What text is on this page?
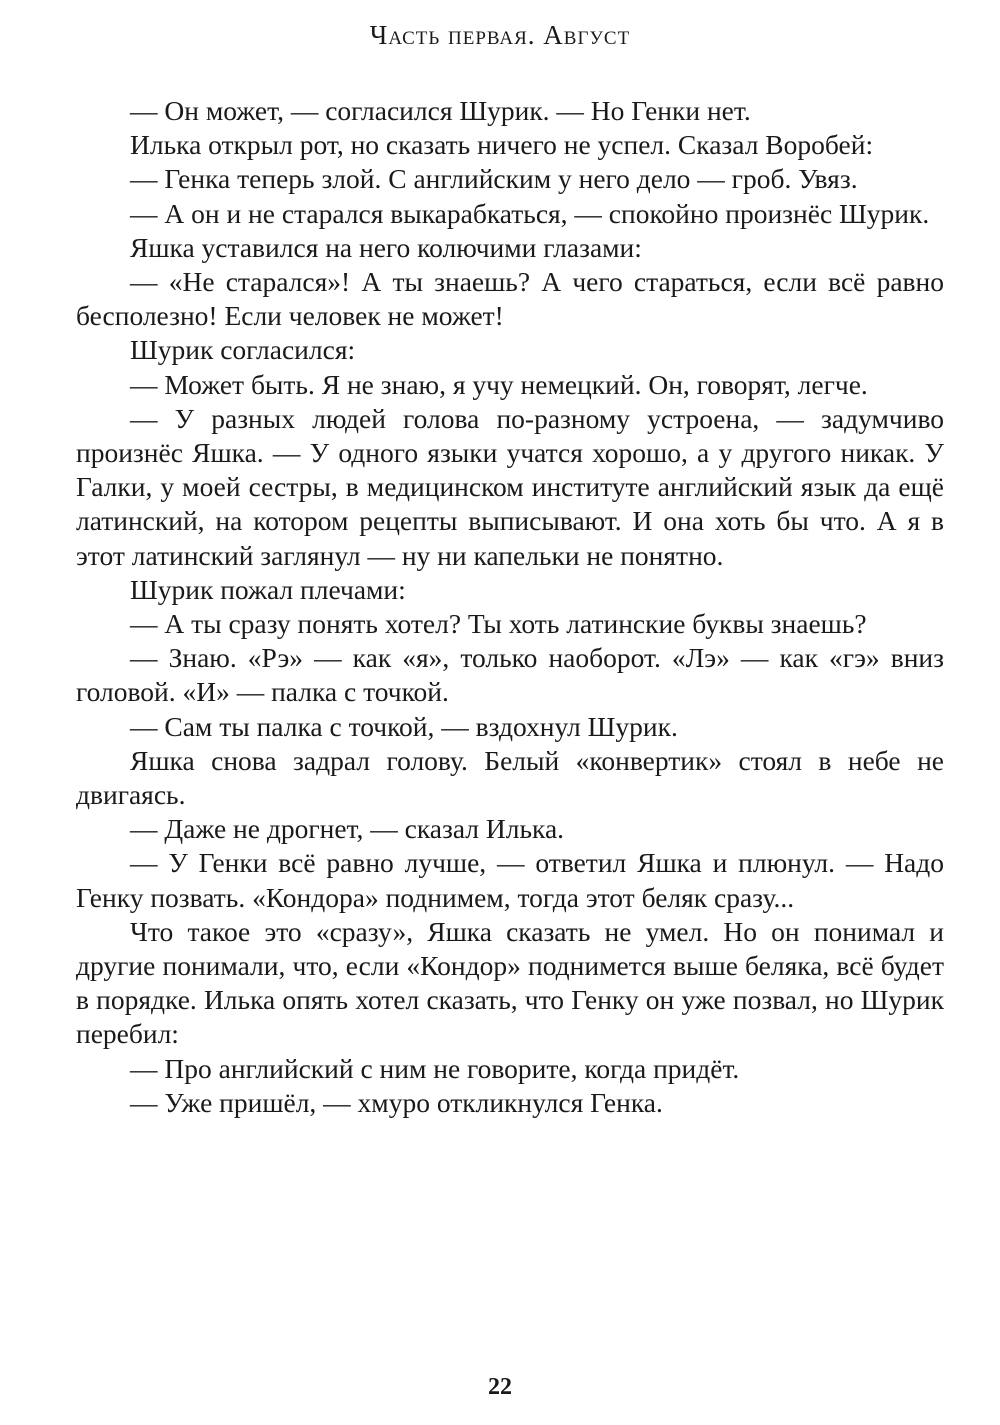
Часть первая. Август

— Он может, — согласился Шурик. — Но Генки нет.

Илька открыл рот, но сказать ничего не успел. Сказал Воробей:

— Генка теперь злой. С английским у него дело — гроб. Увяз.

— А он и не старался выкарабкаться, — спокойно произнёс Шурик.

Яшка уставился на него колючими глазами:

— «Не старался»! А ты знаешь? А чего стараться, если всё равно бесполезно! Если человек не может!

Шурик согласился:

— Может быть. Я не знаю, я учу немецкий. Он, говорят, легче.

— У разных людей голова по-разному устроена, — задумчиво произнёс Яшка. — У одного языки учатся хорошо, а у другого никак. У Галки, у моей сестры, в медицинском институте английский язык да ещё латинский, на котором рецепты выписывают. И она хоть бы что. А я в этот латинский заглянул — ну ни капельки не понятно.

Шурик пожал плечами:

— А ты сразу понять хотел? Ты хоть латинские буквы знаешь?

— Знаю. «Рэ» — как «я», только наоборот. «Лэ» — как «гэ» вниз головой. «И» — палка с точкой.

— Сам ты палка с точкой, — вздохнул Шурик.

Яшка снова задрал голову. Белый «конвертик» стоял в небе не двигаясь.

— Даже не дрогнет, — сказал Илька.

— У Генки всё равно лучше, — ответил Яшка и плюнул. — Надо Генку позвать. «Кондора» поднимем, тогда этот беляк сразу...

Что такое это «сразу», Яшка сказать не умел. Но он понимал и другие понимали, что, если «Кондор» поднимется выше беляка, всё будет в порядке. Илька опять хотел сказать, что Генку он уже позвал, но Шурик перебил:

— Про английский с ним не говорите, когда придёт.

— Уже пришёл, — хмуро откликнулся Генка.

22
